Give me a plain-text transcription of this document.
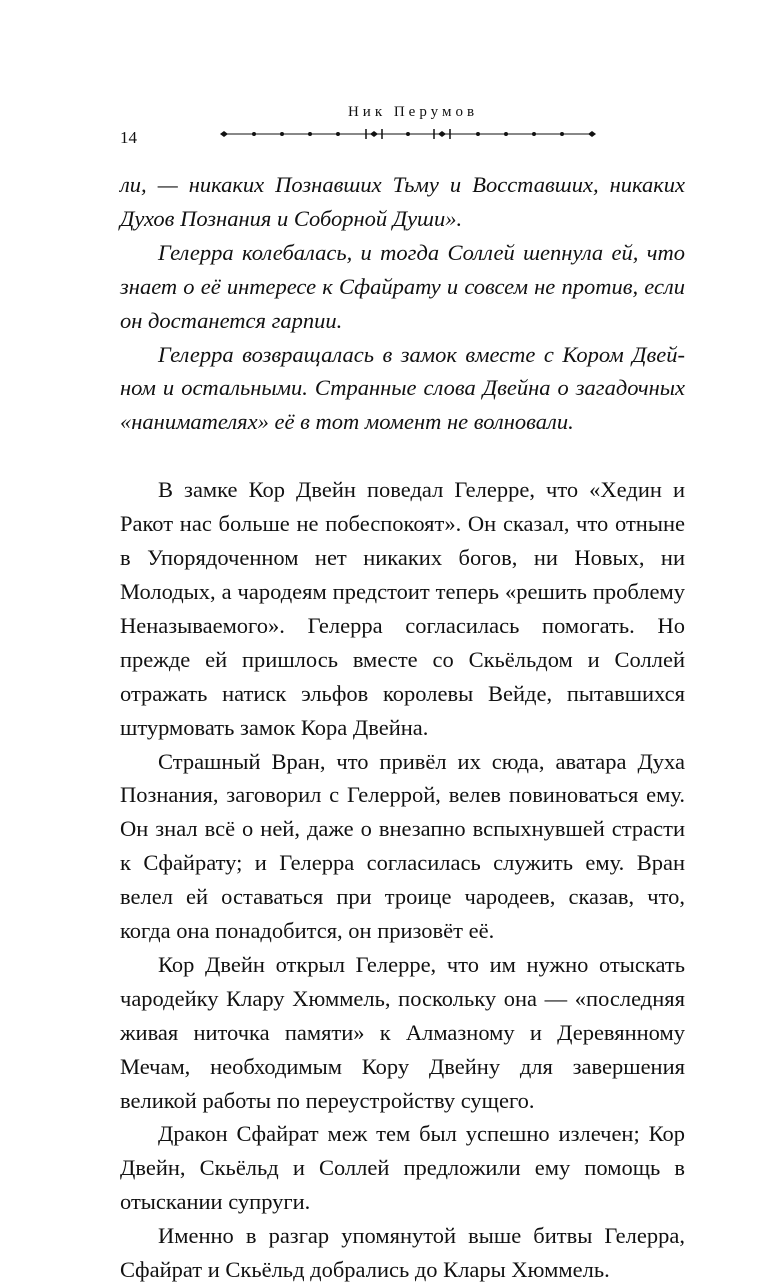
Ник Перумов
14

ли, — никаких Познавших Тьму и Восставших, никаких Духов Познания и Соборной Души».

Гелерра колебалась, и тогда Соллей шепнула ей, что знает о её интересе к Сфайрату и совсем не против, если он достанется гарпии.

Гелерра возвращалась в замок вместе с Кором Двейном и остальными. Странные слова Двейна о загадочных «нанимателях» её в тот момент не волновали.

В замке Кор Двейн поведал Гелерре, что «Хедин и Ракот нас больше не побеспокоят». Он сказал, что отныне в Упорядоченном нет никаких богов, ни Новых, ни Молодых, а чародеям предстоит теперь «решить проблему Неназываемого». Гелерра согласилась помогать. Но прежде ей пришлось вместе со Скьёльдом и Соллей отражать натиск эльфов королевы Вейде, пытавшихся штурмовать замок Кора Двейна.

Страшный Вран, что привёл их сюда, аватара Духа Познания, заговорил с Гелеррой, велев повиноваться ему. Он знал всё о ней, даже о внезапно вспыхнувшей страсти к Сфайрату; и Гелерра согласилась служить ему. Вран велел ей оставаться при троице чародеев, сказав, что, когда она понадобится, он призовёт её.

Кор Двейн открыл Гелерре, что им нужно отыскать чародейку Клару Хюммель, поскольку она — «последняя живая ниточка памяти» к Алмазному и Деревянному Мечам, необходимым Кору Двейну для завершения великой работы по переустройству сущего.

Дракон Сфайрат меж тем был успешно излечен; Кор Двейн, Скьёльд и Соллей предложили ему помощь в отыскании супруги.

Именно в разгар упомянутой выше битвы Гелерра, Сфайрат и Скьёльд добрались до Клары Хюммель.
